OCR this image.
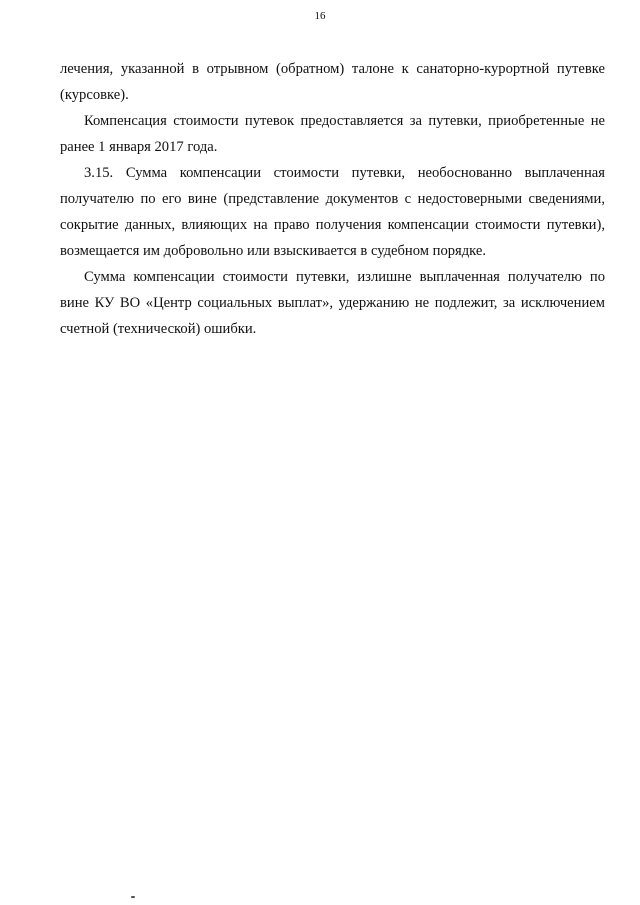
16
лечения, указанной в отрывном (обратном) талоне к санаторно-курортной путевке
(курсовке).
Компенсация стоимости путевок предоставляется за путевки, приобретенные не
ранее 1 января 2017 года.
3.15. Сумма компенсации стоимости путевки, необоснованно выплаченная
получателю по его вине (представление документов с недостоверными сведениями,
сокрытие данных, влияющих на право получения компенсации стоимости путевки),
возмещается им добровольно или взыскивается в судебном порядке.
Сумма компенсации стоимости путевки, излишне выплаченная получателю по
вине КУ ВО «Центр социальных выплат», удержанию не подлежит, за исключением
счетной (технической) ошибки.
